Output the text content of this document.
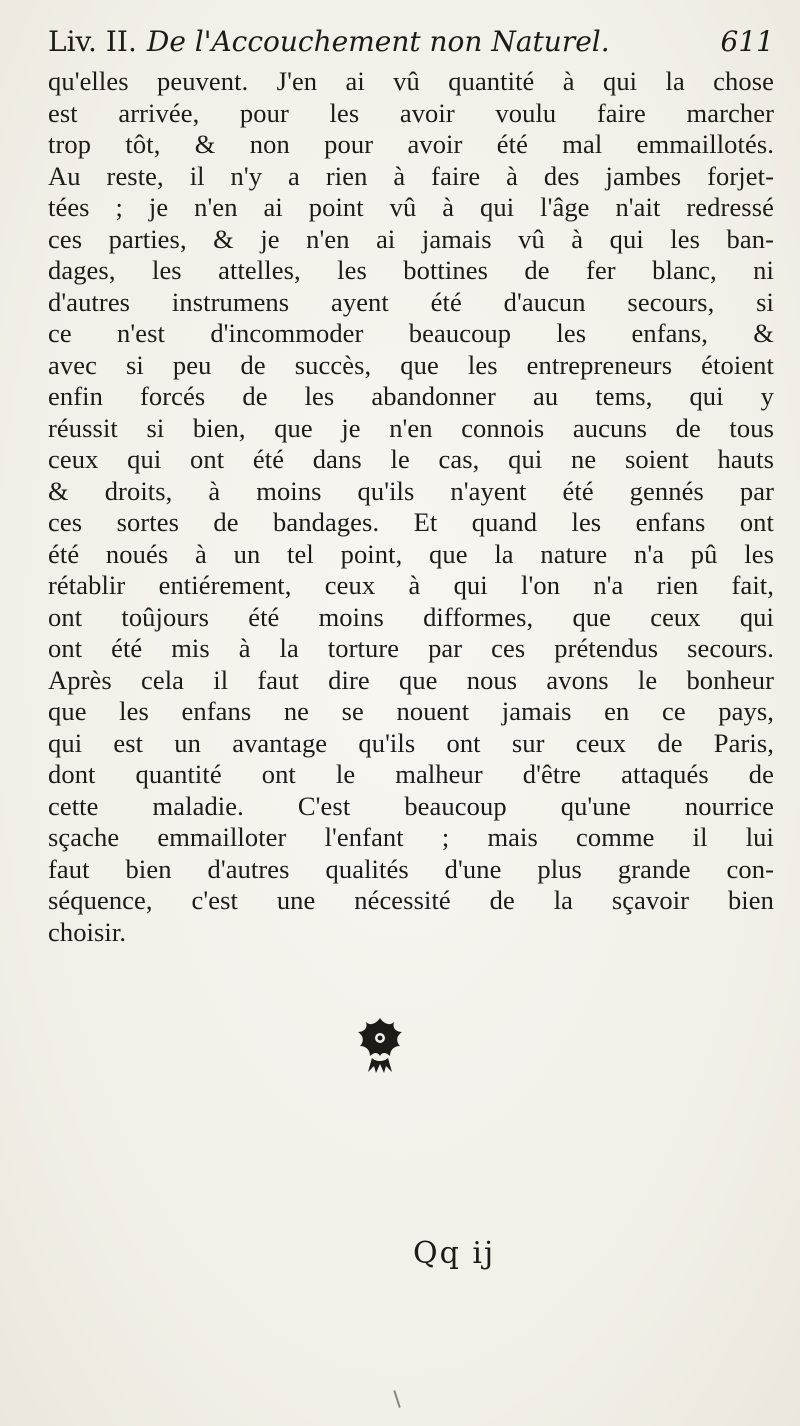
Liv. II. De l'Accouchement non Naturel.	611
qu'elles peuvent. J'en ai vû quantité à qui la chose
est arrivée, pour les avoir voulu faire marcher
trop tôt, & non pour avoir été mal emmaillotés.
Au reste, il n'y a rien à faire à des jambes forjet-
tées ; je n'en ai point vû à qui l'âge n'ait redressé
ces parties, & je n'en ai jamais vû à qui les ban-
dages, les attelles, les bottines de fer blanc, ni
d'autres instrumens ayent été d'aucun secours, si
ce n'est d'incommoder beaucoup les enfans, &
avec si peu de succès, que les entrepreneurs étoient
enfin forcés de les abandonner au tems, qui y
réussit si bien, que je n'en connois aucuns de tous
ceux qui ont été dans le cas, qui ne soient hauts
& droits, à moins qu'ils n'ayent été gennés par
ces sortes de bandages. Et quand les enfans ont
été noués à un tel point, que la nature n'a pû les
rétablir entiérement, ceux à qui l'on n'a rien fait,
ont toûjours été moins difformes, que ceux qui
ont été mis à la torture par ces prétendus secours.
Après cela il faut dire que nous avons le bonheur
que les enfans ne se nouent jamais en ce pays,
qui est un avantage qu'ils ont sur ceux de Paris,
dont quantité ont le malheur d'être attaqués de
cette maladie. C'est beaucoup qu'une nourrice
sçache emmailloter l'enfant ; mais comme il lui
faut bien d'autres qualités d'une plus grande con-
séquence, c'est une nécessité de la sçavoir bien
choisir.
Qq ij
